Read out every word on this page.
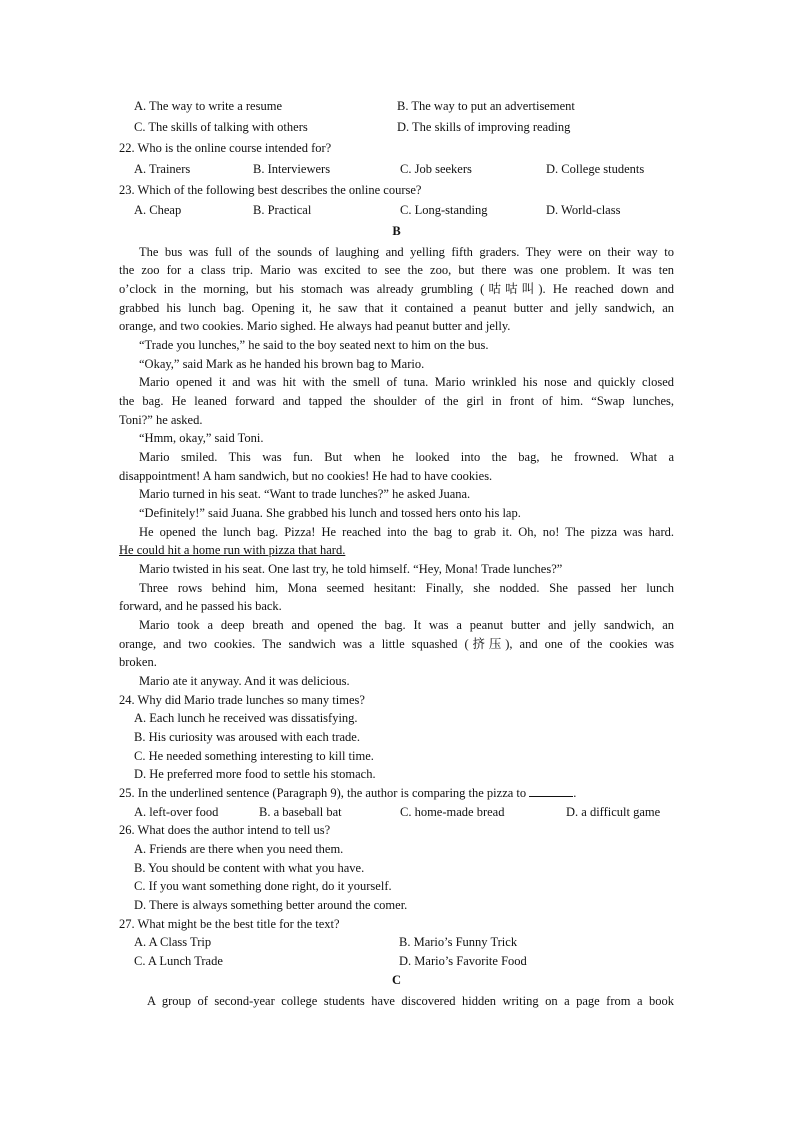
A. The way to write a resume	B. The way to put an advertisement
C. The skills of talking with others	D. The skills of improving reading
22. Who is the online course intended for?
A. Trainers	B. Interviewers	C. Job seekers	D. College students
23. Which of the following best describes the online course?
A. Cheap	B. Practical	C. Long-standing	D. World-class
B
The bus was full of the sounds of laughing and yelling fifth graders. They were on their way to
the zoo for a class trip. Mario was excited to see the zoo, but there was one problem. It was ten
o’clock in the morning, but his stomach was already grumbling (咕咕叫). He reached down and
grabbed his lunch bag. Opening it, he saw that it contained a peanut butter and jelly sandwich, an
orange, and two cookies. Mario sighed. He always had peanut butter and jelly.
“Trade you lunches,” he said to the boy seated next to him on the bus.
“Okay,” said Mark as he handed his brown bag to Mario.
Mario opened it and was hit with the smell of tuna. Mario wrinkled his nose and quickly closed
the bag. He leaned forward and tapped the shoulder of the girl in front of him. “Swap lunches,
Toni?” he asked.
“Hmm, okay,” said Toni.
Mario smiled. This was fun. But when he looked into the bag, he frowned. What a
disappointment! A ham sandwich, but no cookies! He had to have cookies.
Mario turned in his seat. “Want to trade lunches?” he asked Juana.
“Definitely!” said Juana. She grabbed his lunch and tossed hers onto his lap.
He opened the lunch bag. Pizza! He reached into the bag to grab it. Oh, no! The pizza was hard.
He could hit a home run with pizza that hard.
Mario twisted in his seat. One last try, he told himself. “Hey, Mona! Trade lunches?”
Three rows behind him, Mona seemed hesitant: Finally, she nodded. She passed her lunch
forward, and he passed his back.
Mario took a deep breath and opened the bag. It was a peanut butter and jelly sandwich, an
orange, and two cookies. The sandwich was a little squashed (挤压), and one of the cookies was
broken.
Mario ate it anyway. And it was delicious.
24. Why did Mario trade lunches so many times?
A. Each lunch he received was dissatisfying.
B. His curiosity was aroused with each trade.
C. He needed something interesting to kill time.
D. He preferred more food to settle his stomach.
25. In the underlined sentence (Paragraph 9), the author is comparing the pizza to	.
A. left-over food	B. a baseball bat	C. home-made bread	D. a difficult game
26. What does the author intend to tell us?
A. Friends are there when you need them.
B. You should be content with what you have.
C. If you want something done right, do it yourself.
D. There is always something better around the comer.
27. What might be the best title for the text?
A. A Class Trip	B. Mario’s Funny Trick
C. A Lunch Trade	D. Mario’s Favorite Food
C
A group of second-year college students have discovered hidden writing on a page from a book
